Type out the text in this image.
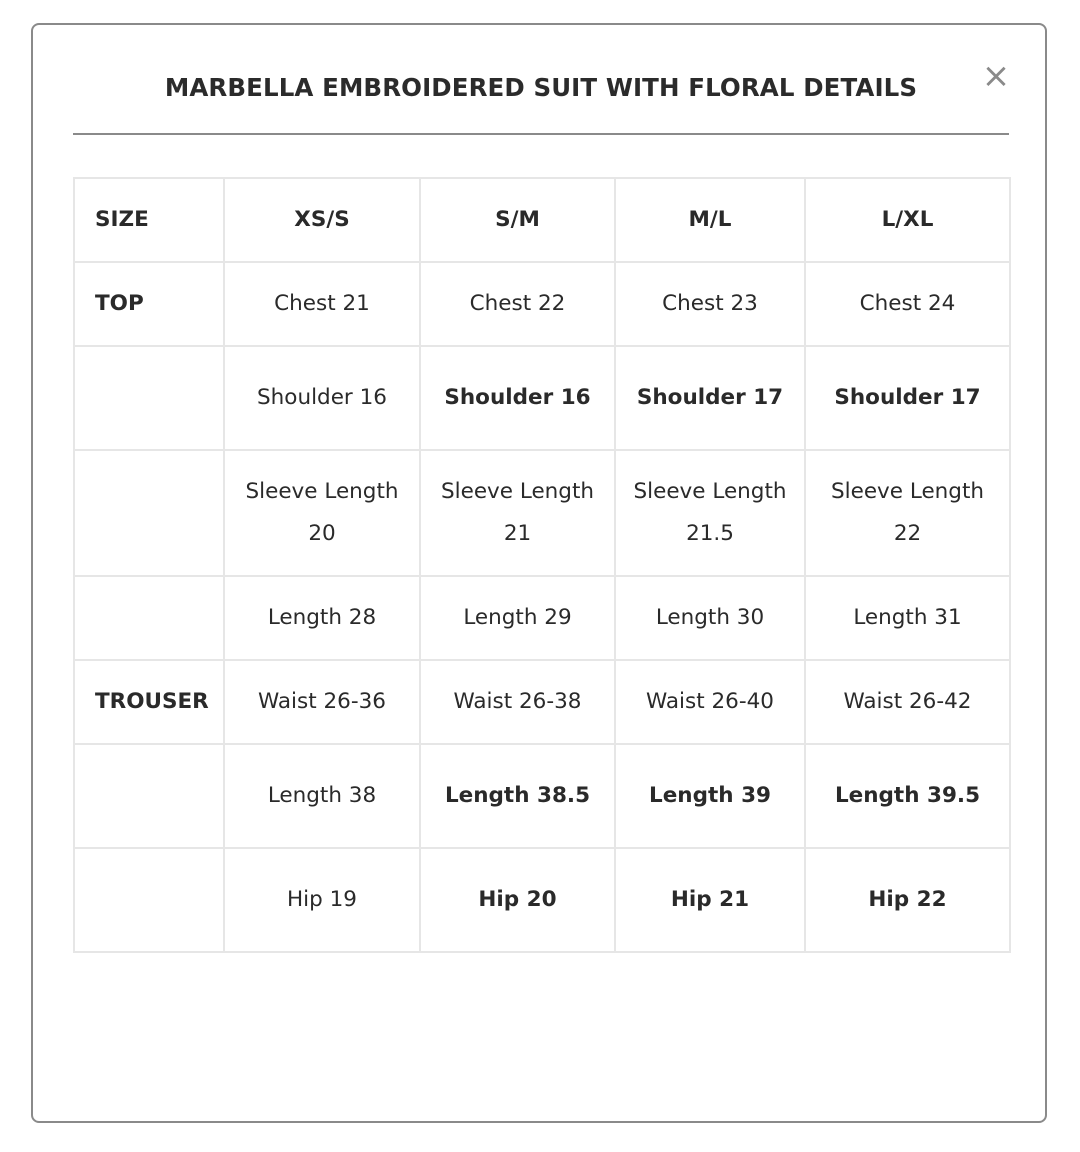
MARBELLA EMBROIDERED SUIT WITH FLORAL DETAILS	×
SIZE	XS/S	S/M	M/L	L/XL
TOP	Chest 21	Chest 22	Chest 23	Chest 24
	Shoulder 16	Shoulder 16	Shoulder 17	Shoulder 17
	Sleeve Length 20	Sleeve Length 21	Sleeve Length 21.5	Sleeve Length 22
	Length 28	Length 29	Length 30	Length 31
TROUSER	Waist 26-36	Waist 26-38	Waist 26-40	Waist 26-42
	Length 38	Length 38.5	Length 39	Length 39.5
	Hip 19	Hip 20	Hip 21	Hip 22
